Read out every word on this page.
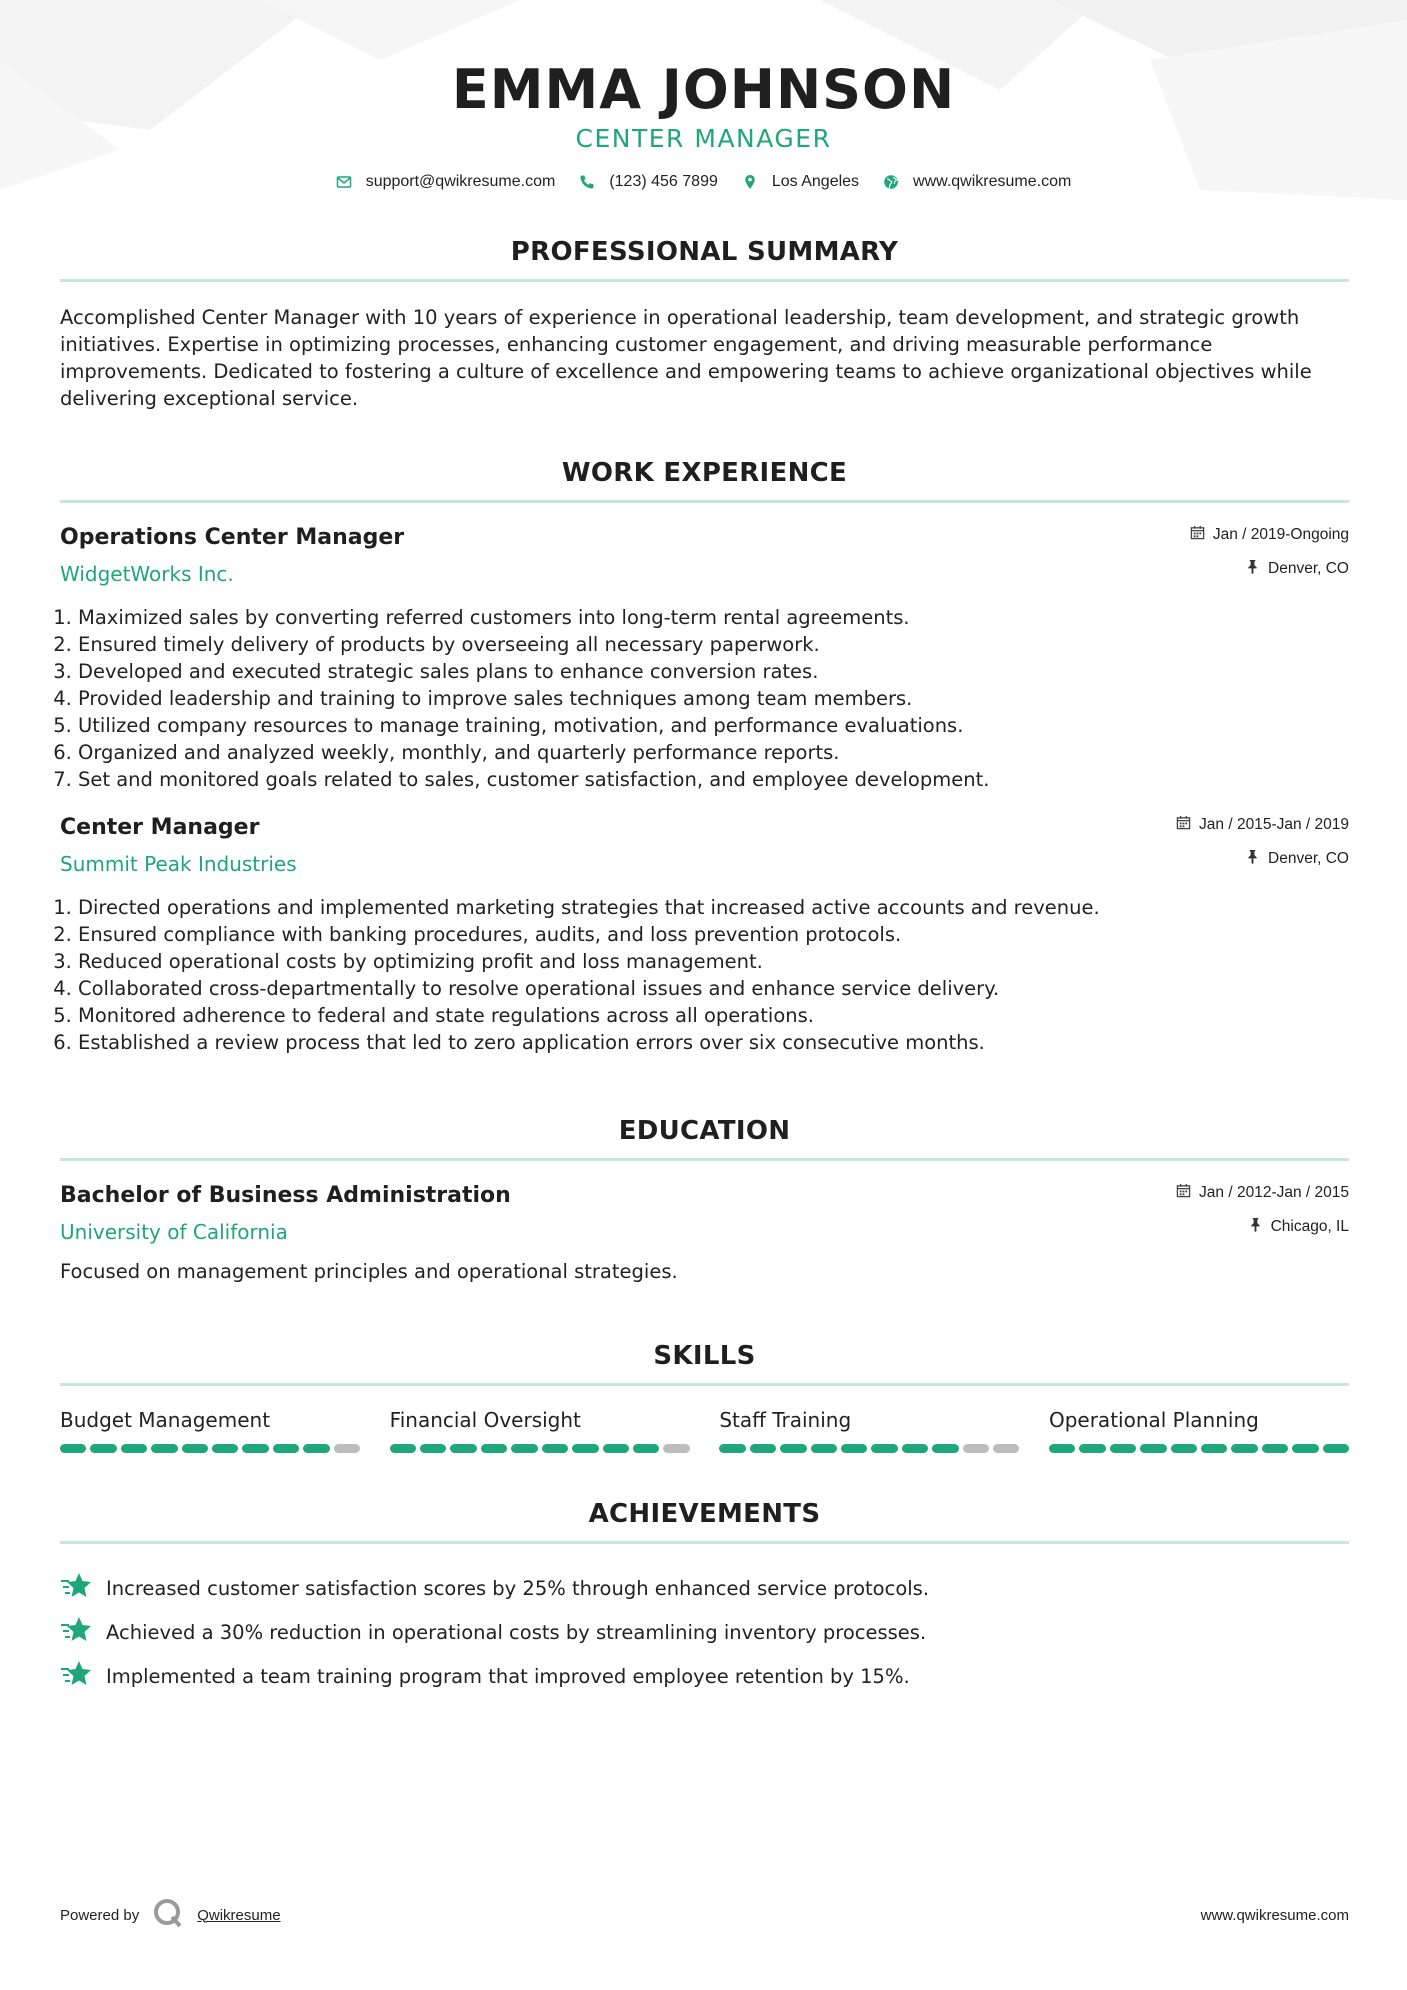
EMMA JOHNSON
CENTER MANAGER
support@qwikresume.com	(123) 456 7899	Los Angeles	www.qwikresume.com
PROFESSIONAL SUMMARY
Accomplished Center Manager with 10 years of experience in operational leadership, team development, and strategic growth initiatives. Expertise in optimizing processes, enhancing customer engagement, and driving measurable performance improvements. Dedicated to fostering a culture of excellence and empowering teams to achieve organizational objectives while delivering exceptional service.
WORK EXPERIENCE
Operations Center Manager
WidgetWorks Inc.
Jan / 2019-Ongoing
Denver, CO
1. Maximized sales by converting referred customers into long-term rental agreements.
2. Ensured timely delivery of products by overseeing all necessary paperwork.
3. Developed and executed strategic sales plans to enhance conversion rates.
4. Provided leadership and training to improve sales techniques among team members.
5. Utilized company resources to manage training, motivation, and performance evaluations.
6. Organized and analyzed weekly, monthly, and quarterly performance reports.
7. Set and monitored goals related to sales, customer satisfaction, and employee development.
Center Manager
Summit Peak Industries
Jan / 2015-Jan / 2019
Denver, CO
1. Directed operations and implemented marketing strategies that increased active accounts and revenue.
2. Ensured compliance with banking procedures, audits, and loss prevention protocols.
3. Reduced operational costs by optimizing profit and loss management.
4. Collaborated cross-departmentally to resolve operational issues and enhance service delivery.
5. Monitored adherence to federal and state regulations across all operations.
6. Established a review process that led to zero application errors over six consecutive months.
EDUCATION
Bachelor of Business Administration
University of California
Jan / 2012-Jan / 2015
Chicago, IL
Focused on management principles and operational strategies.
SKILLS
Budget Management	Financial Oversight	Staff Training	Operational Planning
ACHIEVEMENTS
Increased customer satisfaction scores by 25% through enhanced service protocols.
Achieved a 30% reduction in operational costs by streamlining inventory processes.
Implemented a team training program that improved employee retention by 15%.
Powered by	Qwikresume	www.qwikresume.com
